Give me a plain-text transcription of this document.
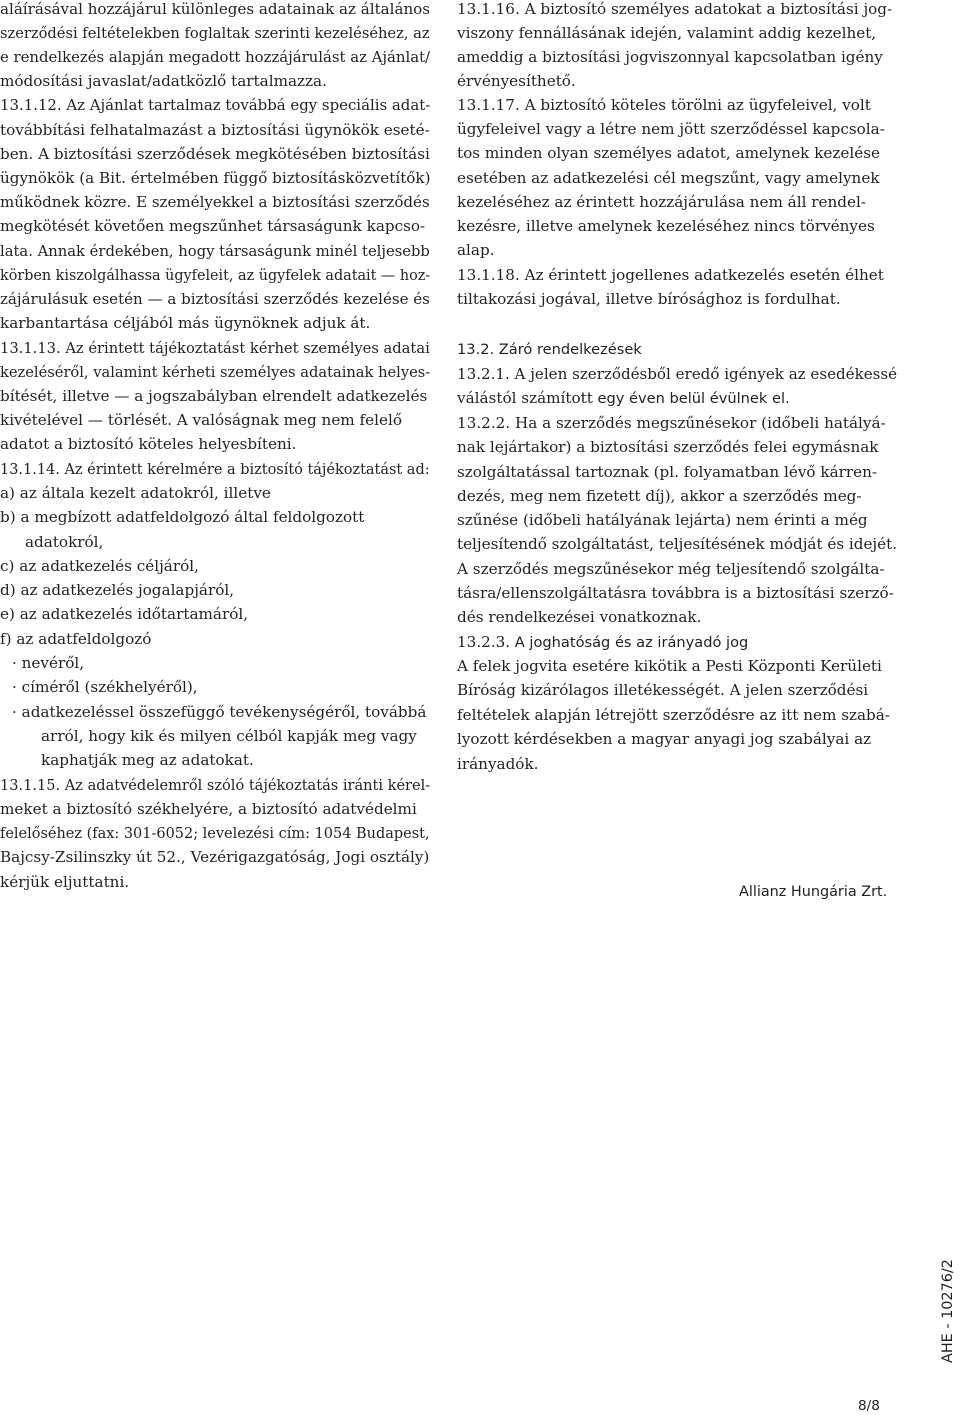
aláírásával hozzájárul különleges adatainak az általános
szerződési feltételekben foglaltak szerinti kezeléséhez, az
e rendelkezés alapján megadott hozzájárulást az Ajánlat/
módosítási javaslat/adatközlő tartalmazza.
13.1.12. Az Ajánlat tartalmaz továbbá egy speciális adat-
továbbítási felhatalmazást a biztosítási ügynökök eseté-
ben. A biztosítási szerződések megkötésében biztosítási
ügynökök (a Bit. értelmében függő biztosításközvetítők)
működnek közre. E személyekkel a biztosítási szerződés
megkötését követően megszűnhet társaságunk kapcso-
lata. Annak érdekében, hogy társaságunk minél teljesebb
körben kiszolgálhassa ügyfeleit, az ügyfelek adatait — hoz-
zájárulásuk esetén — a biztosítási szerződés kezelése és
karbantartása céljából más ügynöknek adjuk át.
13.1.13. Az érintett tájékoztatást kérhet személyes adatai
kezeléséről, valamint kérheti személyes adatainak helyes-
bítését, illetve — a jogszabályban elrendelt adatkezelés
kivételével — törlését. A valóságnak meg nem felelő
adatot a biztosító köteles helyesbíteni.
13.1.14. Az érintett kérelmére a biztosító tájékoztatást ad:
a) az általa kezelt adatokról, illetve
b) a megbízott adatfeldolgozó által feldolgozott
adatokról,
c) az adatkezelés céljáról,
d) az adatkezelés jogalapjáról,
e) az adatkezelés időtartamáról,
f) az adatfeldolgozó
· nevéről,
· címéről (székhelyéről),
· adatkezeléssel összefüggő tevékenységéről, továbbá
arról, hogy kik és milyen célból kapják meg vagy
kaphatják meg az adatokat.
13.1.15. Az adatvédelemről szóló tájékoztatás iránti kérel-
meket a biztosító székhelyére, a biztosító adatvédelmi
felelőséhez (fax: 301-6052; levelezési cím: 1054 Budapest,
Bajcsy-Zsilinszky út 52., Vezérigazgatóság, Jogi osztály)
kérjük eljuttatni.
13.1.16. A biztosító személyes adatokat a biztosítási jog-
viszony fennállásának idején, valamint addig kezelhet,
ameddig a biztosítási jogviszonnyal kapcsolatban igény
érvényesíthető.
13.1.17. A biztosító köteles törölni az ügyfeleivel, volt
ügyfeleivel vagy a létre nem jött szerződéssel kapcsola-
tos minden olyan személyes adatot, amelynek kezelése
esetében az adatkezelési cél megszűnt, vagy amelynek
kezeléséhez az érintett hozzájárulása nem áll rendel-
kezésre, illetve amelynek kezeléséhez nincs törvényes
alap.
13.1.18. Az érintett jogellenes adatkezelés esetén élhet
tiltakozási jogával, illetve bírósághoz is fordulhat.
13.2. Záró rendelkezések
13.2.1. A jelen szerződésből eredő igények az esedékessé
válástól számított egy éven belül évülnek el.
13.2.2. Ha a szerződés megszűnésekor (időbeli hatályá-
nak lejártakor) a biztosítási szerződés felei egymásnak
szolgáltatással tartoznak (pl. folyamatban lévő kárren-
dezés, meg nem fizetett díj), akkor a szerződés meg-
szűnése (időbeli hatályának lejárta) nem érinti a még
teljesítendő szolgáltatást, teljesítésének módját és idejét.
A szerződés megszűnésekor még teljesítendő szolgálta-
tásra/ellenszolgáltatásra továbbra is a biztosítási szerző-
dés rendelkezései vonatkoznak.
13.2.3. A joghatóság és az irányadó jog
A felek jogvita esetére kikötik a Pesti Központi Kerületi
Bíróság kizárólagos illetékességét. A jelen szerződési
feltételek alapján létrejött szerződésre az itt nem szabá-
lyozott kérdésekben a magyar anyagi jog szabályai az
irányadók.
Allianz Hungária Zrt.
AHE - 10276/2
8/8
